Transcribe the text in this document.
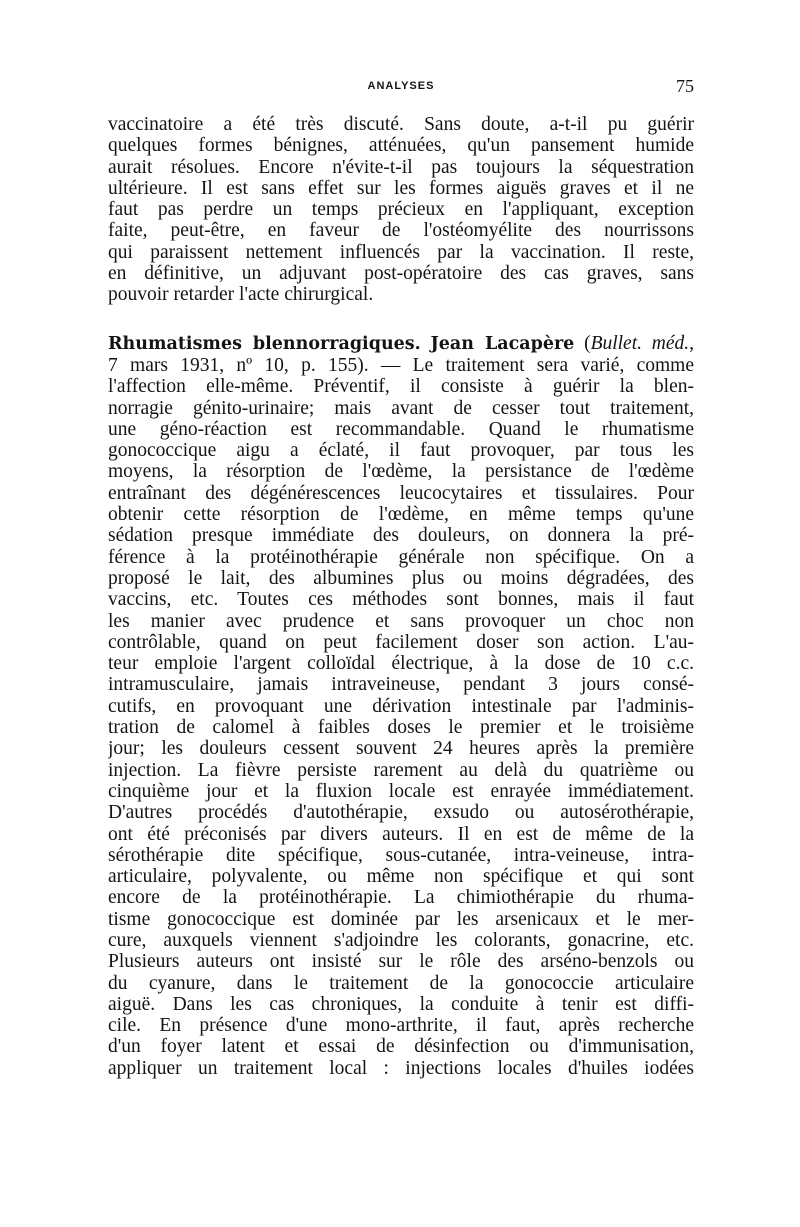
ANALYSES	75
vaccinatoire a été très discuté. Sans doute, a-t-il pu guérir
quelques formes bénignes, atténuées, qu'un pansement humide
aurait résolues. Encore n'évite-t-il pas toujours la séquestration
ultérieure. Il est sans effet sur les formes aiguës graves et il ne
faut pas perdre un temps précieux en l'appliquant, exception
faite, peut-être, en faveur de l'ostéomyélite des nourrissons
qui paraissent nettement influencés par la vaccination. Il reste,
en définitive, un adjuvant post-opératoire des cas graves, sans
pouvoir retarder l'acte chirurgical.
Rhumatismes blennorragiques. Jean Lacapère (Bullet. méd.,
7 mars 1931, nº 10, p. 155). — Le traitement sera varié, comme
l'affection elle-même. Préventif, il consiste à guérir la blen-
norragie génito-urinaire; mais avant de cesser tout traitement,
une géno-réaction est recommandable. Quand le rhumatisme
gonococcique aigu a éclaté, il faut provoquer, par tous les
moyens, la résorption de l'œdème, la persistance de l'œdème
entraînant des dégénérescences leucocytaires et tissulaires. Pour
obtenir cette résorption de l'œdème, en même temps qu'une
sédation presque immédiate des douleurs, on donnera la pré-
férence à la protéinothérapie générale non spécifique. On a
proposé le lait, des albumines plus ou moins dégradées, des
vaccins, etc. Toutes ces méthodes sont bonnes, mais il faut
les manier avec prudence et sans provoquer un choc non
contrôlable, quand on peut facilement doser son action. L'au-
teur emploie l'argent colloïdal électrique, à la dose de 10 c.c.
intramusculaire, jamais intraveineuse, pendant 3 jours consé-
cutifs, en provoquant une dérivation intestinale par l'adminis-
tration de calomel à faibles doses le premier et le troisième
jour; les douleurs cessent souvent 24 heures après la première
injection. La fièvre persiste rarement au delà du quatrième ou
cinquième jour et la fluxion locale est enrayée immédiatement.
D'autres procédés d'autothérapie, exsudo ou autosérothérapie,
ont été préconisés par divers auteurs. Il en est de même de la
sérothérapie dite spécifique, sous-cutanée, intra-veineuse, intra-
articulaire, polyvalente, ou même non spécifique et qui sont
encore de la protéinothérapie. La chimiothérapie du rhuma-
tisme gonococcique est dominée par les arsenicaux et le mer-
cure, auxquels viennent s'adjoindre les colorants, gonacrine, etc.
Plusieurs auteurs ont insisté sur le rôle des arséno-benzols ou
du cyanure, dans le traitement de la gonococcie articulaire
aiguë. Dans les cas chroniques, la conduite à tenir est diffi-
cile. En présence d'une mono-arthrite, il faut, après recherche
d'un foyer latent et essai de désinfection ou d'immunisation,
appliquer un traitement local : injections locales d'huiles iodées
